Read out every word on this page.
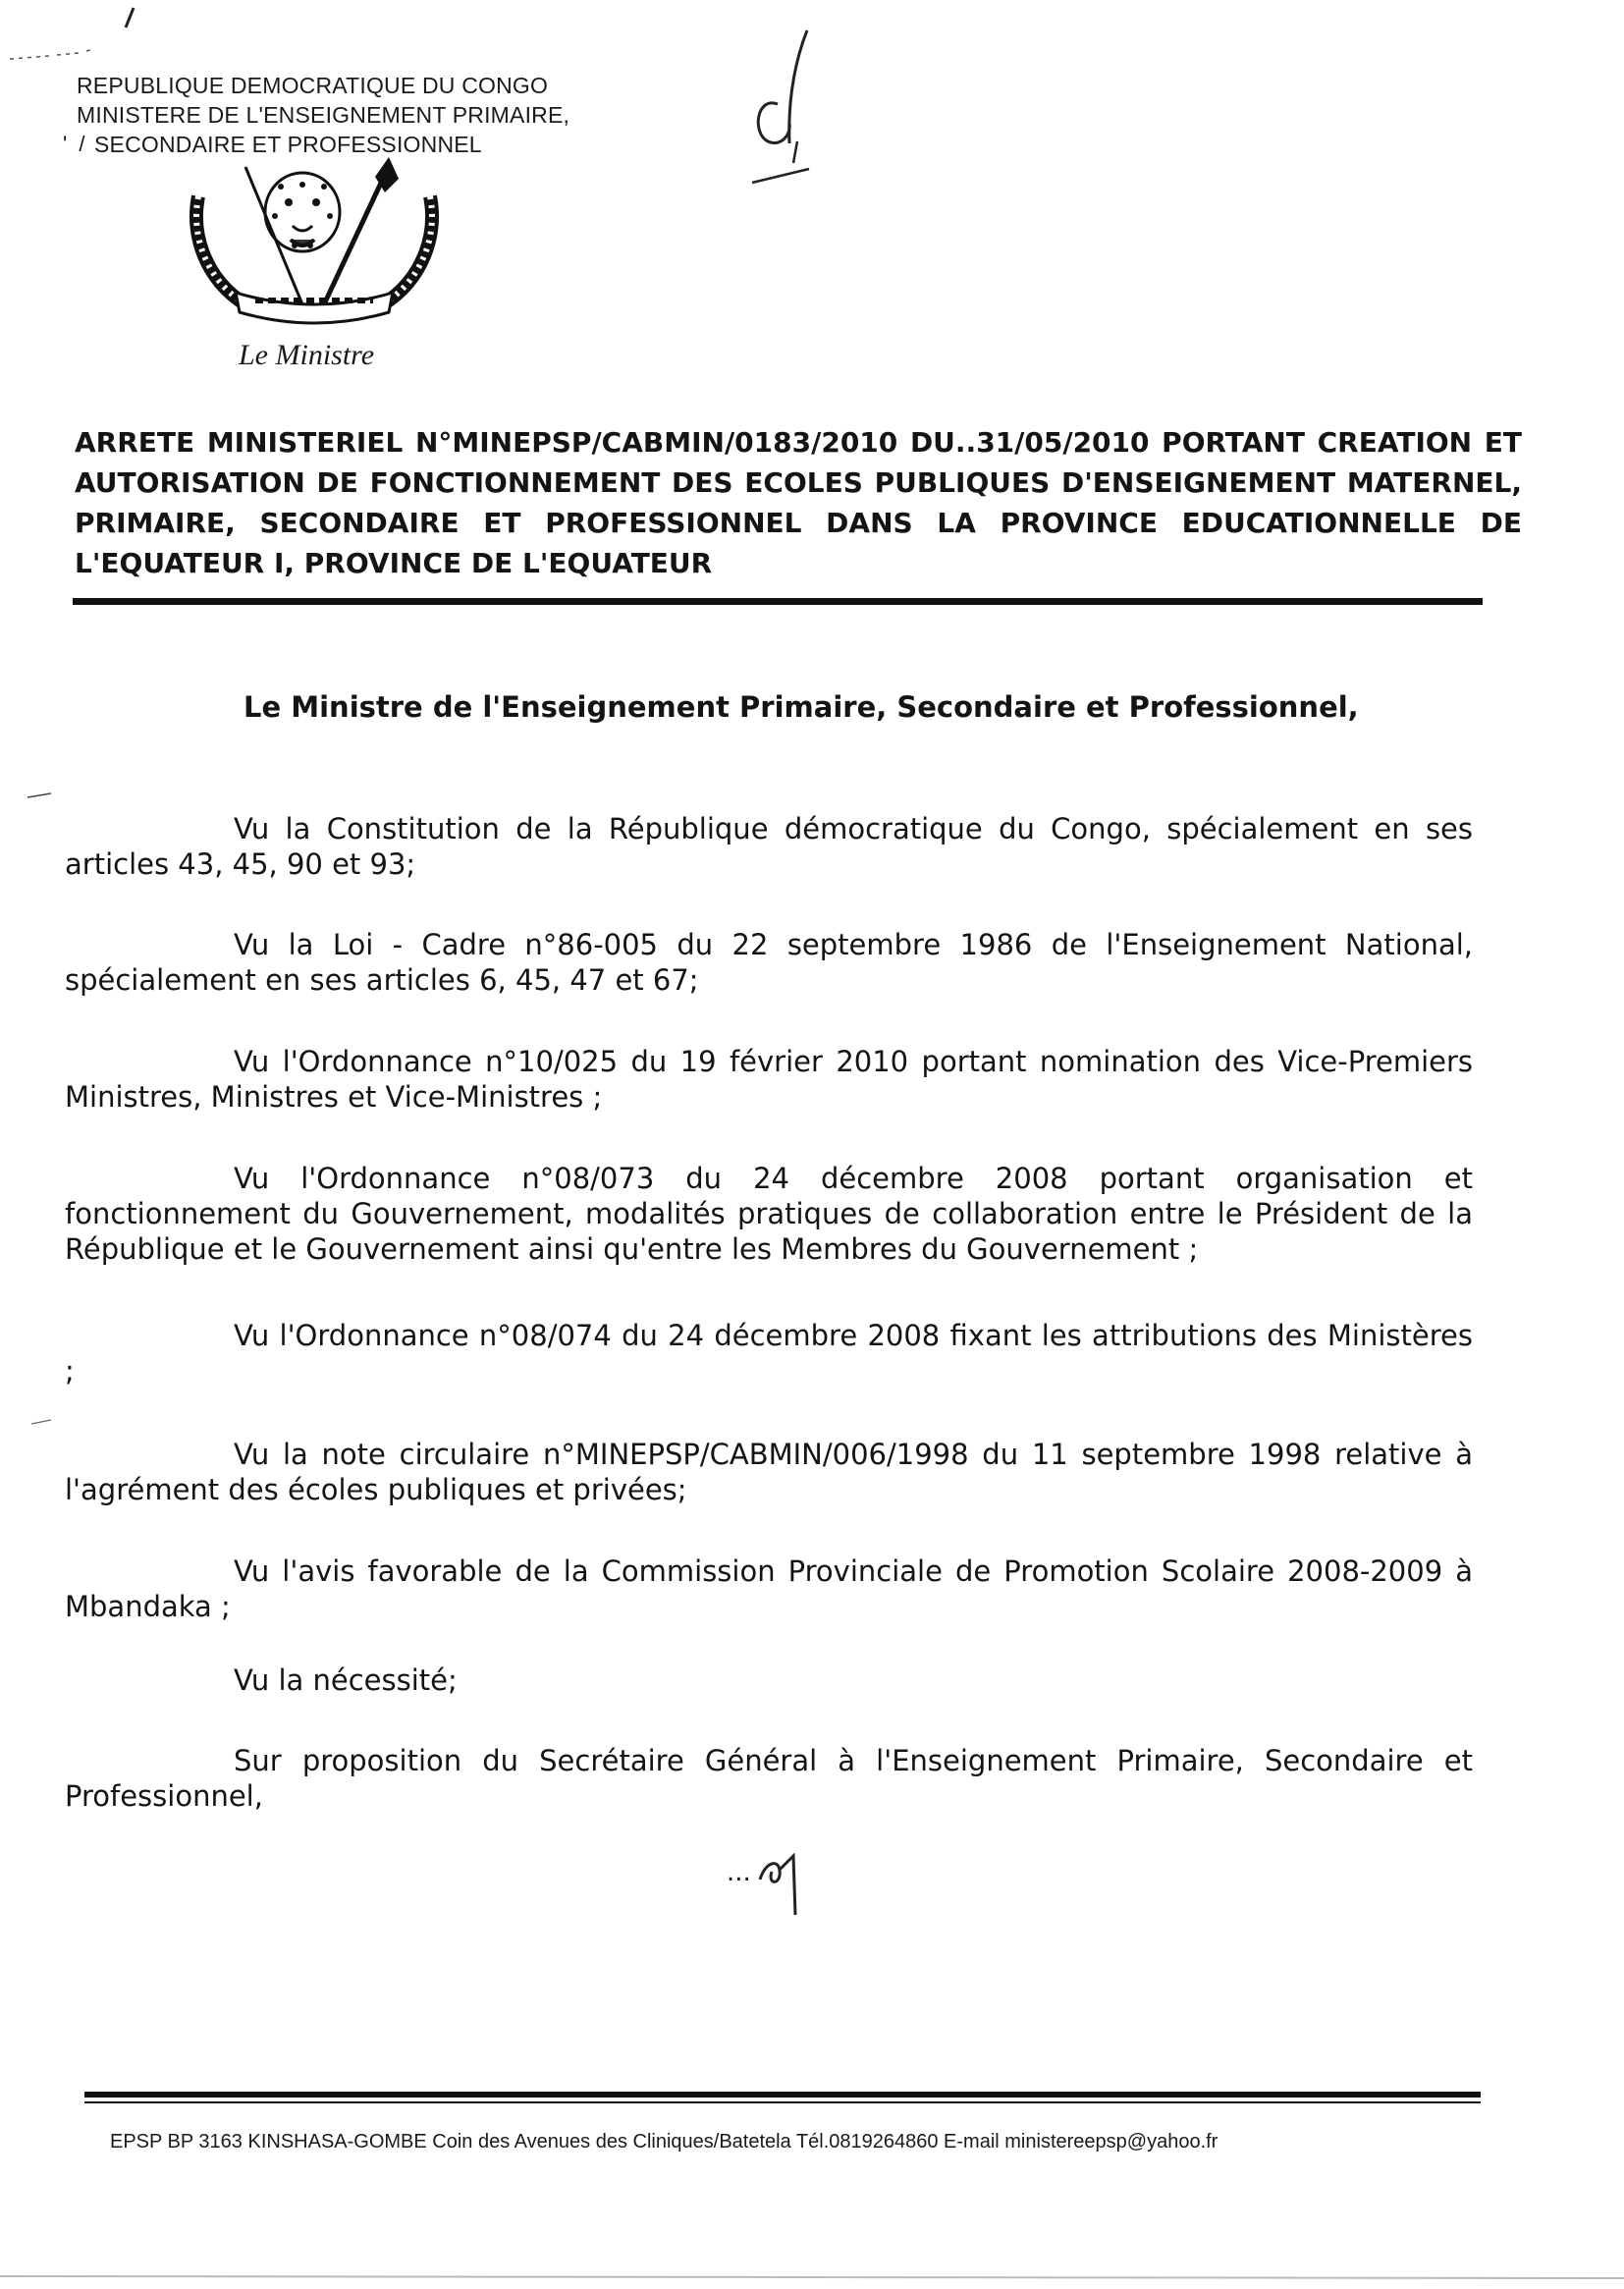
REPUBLIQUE DEMOCRATIQUE DU CONGO
MINISTERE DE L'ENSEIGNEMENT PRIMAIRE,
SECONDAIRE ET PROFESSIONNEL
'  /
Le Ministre
ARRETE MINISTERIEL N°MINEPSP/CABMIN/0183/2010 DU..31/05/2010 PORTANT CREATION ET AUTORISATION DE FONCTIONNEMENT DES ECOLES PUBLIQUES D'ENSEIGNEMENT MATERNEL, PRIMAIRE, SECONDAIRE ET PROFESSIONNEL DANS LA PROVINCE EDUCATIONNELLE DE L'EQUATEUR I, PROVINCE DE L'EQUATEUR
Le Ministre de l'Enseignement Primaire, Secondaire et Professionnel,
Vu la Constitution de la République démocratique du Congo, spécialement en ses articles 43, 45, 90 et 93;
Vu la Loi - Cadre n°86-005 du 22 septembre 1986 de l'Enseignement National, spécialement en ses articles 6, 45, 47 et 67;
Vu l'Ordonnance n°10/025 du 19 février 2010 portant nomination des Vice-Premiers Ministres, Ministres et Vice-Ministres ;
Vu l'Ordonnance n°08/073 du 24 décembre 2008 portant organisation et fonctionnement du Gouvernement, modalités pratiques de collaboration entre le Président de la République et le Gouvernement ainsi qu'entre les Membres du Gouvernement ;
Vu l'Ordonnance n°08/074 du 24 décembre 2008 fixant les attributions des Ministères ;
Vu la note circulaire n°MINEPSP/CABMIN/006/1998 du 11 septembre 1998 relative à l'agrément des écoles publiques et privées;
Vu l'avis favorable de la Commission Provinciale de Promotion Scolaire 2008-2009 à Mbandaka ;
Vu la nécessité;
Sur proposition du Secrétaire Général à l'Enseignement Primaire, Secondaire et Professionnel,
...
EPSP BP 3163 KINSHASA-GOMBE Coin des Avenues des Cliniques/Batetela Tél.0819264860 E-mail ministereepsp@yahoo.fr
